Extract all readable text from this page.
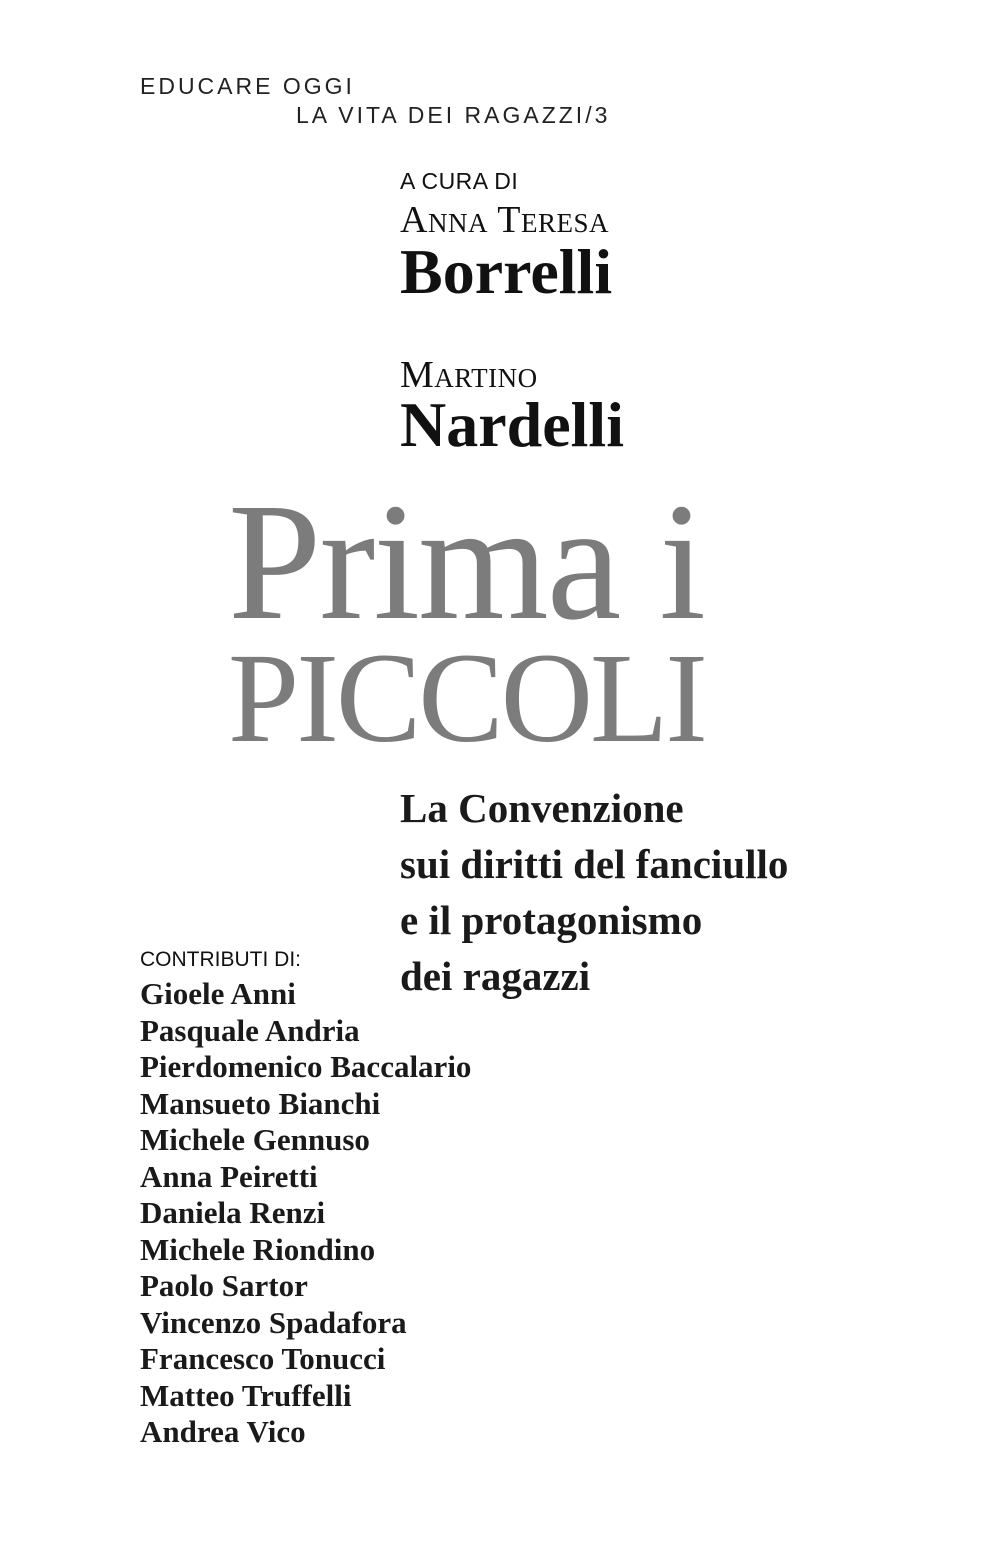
EDUCARE OGGI
LA VITA DEI RAGAZZI/3
A CURA DI
Anna Teresa
Borrelli
Martino
Nardelli
Prima i
PICCOLI
La Convenzione
sui diritti del fanciullo
e il protagonismo
dei ragazzi
CONTRIBUTI DI:
Gioele Anni
Pasquale Andria
Pierdomenico Baccalario
Mansueto Bianchi
Michele Gennuso
Anna Peiretti
Daniela Renzi
Michele Riondino
Paolo Sartor
Vincenzo Spadafora
Francesco Tonucci
Matteo Truffelli
Andrea Vico
